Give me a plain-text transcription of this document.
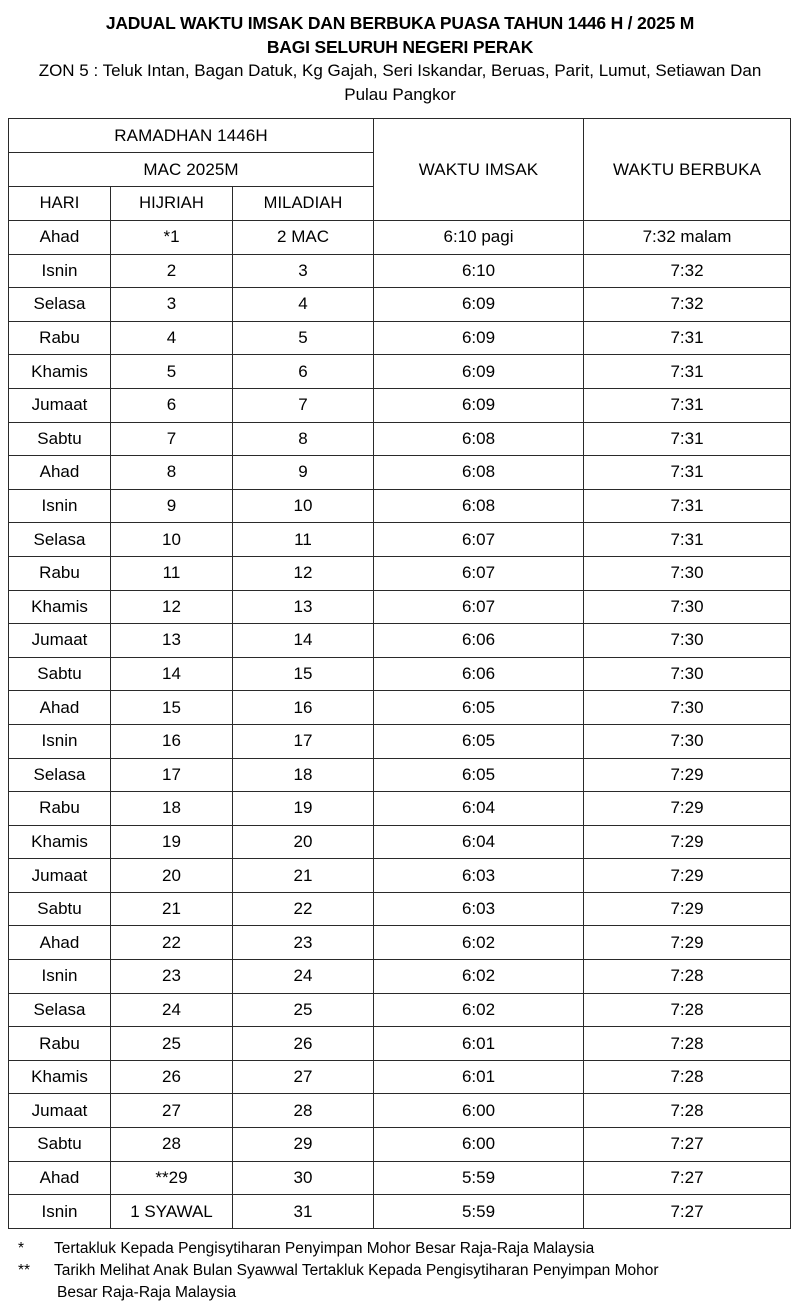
JADUAL WAKTU IMSAK DAN BERBUKA PUASA TAHUN 1446 H / 2025 M
BAGI SELURUH NEGERI PERAK
ZON 5 : Teluk Intan, Bagan Datuk, Kg Gajah, Seri Iskandar, Beruas, Parit, Lumut, Setiawan Dan Pulau Pangkor
RAMADHAN 1446H			WAKTU IMSAK	WAKTU BERBUKA
MAC 2025M				
HARI	HIJRIAH	MILADIAH		
Ahad	*1	2 MAC	6:10 pagi	7:32 malam
Isnin	2	3	6:10	7:32
Selasa	3	4	6:09	7:32
Rabu	4	5	6:09	7:31
Khamis	5	6	6:09	7:31
Jumaat	6	7	6:09	7:31
Sabtu	7	8	6:08	7:31
Ahad	8	9	6:08	7:31
Isnin	9	10	6:08	7:31
Selasa	10	11	6:07	7:31
Rabu	11	12	6:07	7:30
Khamis	12	13	6:07	7:30
Jumaat	13	14	6:06	7:30
Sabtu	14	15	6:06	7:30
Ahad	15	16	6:05	7:30
Isnin	16	17	6:05	7:30
Selasa	17	18	6:05	7:29
Rabu	18	19	6:04	7:29
Khamis	19	20	6:04	7:29
Jumaat	20	21	6:03	7:29
Sabtu	21	22	6:03	7:29
Ahad	22	23	6:02	7:29
Isnin	23	24	6:02	7:28
Selasa	24	25	6:02	7:28
Rabu	25	26	6:01	7:28
Khamis	26	27	6:01	7:28
Jumaat	27	28	6:00	7:28
Sabtu	28	29	6:00	7:27
Ahad	**29	30	5:59	7:27
Isnin	1 SYAWAL	31	5:59	7:27
*	Tertakluk Kepada Pengisytiharan Penyimpan Mohor Besar Raja-Raja Malaysia
**	Tarikh Melihat Anak Bulan Syawwal Tertakluk Kepada Pengisytiharan Penyimpan Mohor
Besar Raja-Raja Malaysia
